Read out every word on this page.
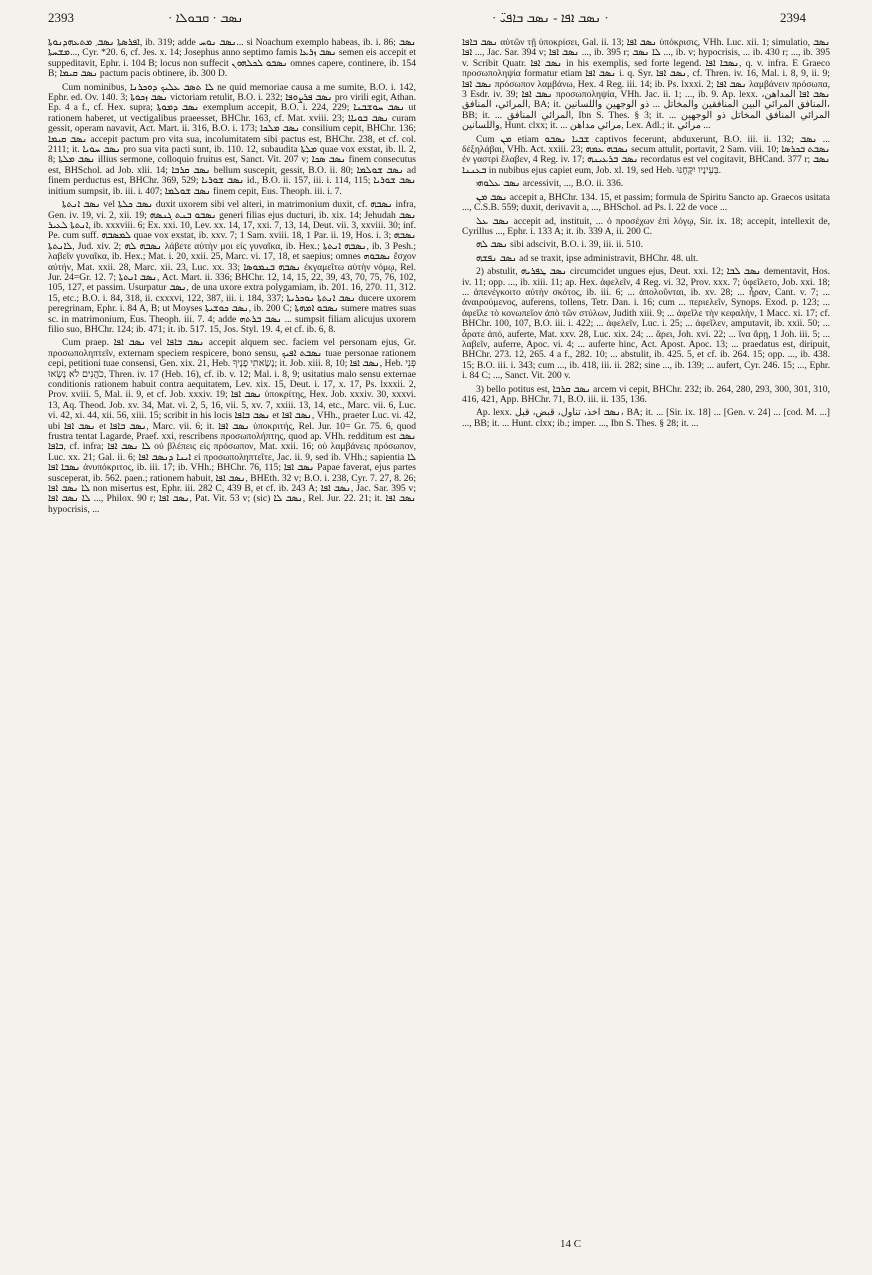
2393	ܢܣܒ · ܩܒܘܠܐ ·	· ܢܣܒ ܐܦܐ - ܢܣܒ ܒܐܦܝ̈ ·	2394

ܐܦܪܣܬܐ ܢܣܒ܂ ܡܬܥܗܕܢܘܬܐ, ib. 319; adde ܢܣܒ ܢܘܚ... si Noachum exemplo habeas, ib. i. 86; ܢܣܒ ܡܫܚܬܐ..., Cyr. *20. 6, cf. Jes. x. 14; Josephus anno septimo famis ܢܣܒ ܙܪܥܐ semen eis accepit et suppeditavit, Ephr. i. 104 B; locus non suffecit ܢܣܒܘ ܠܟܠܗܘܢ omnes capere, continere, ib. 154 B; ܢܣܒ ܩܝܡܐ pactum pacis obtinere, ib. 300 D.

Cum nominibus, ܠܐ ܬܣܒ ܥܠܝܟ ܕܘܟܪܢܐ ne quid memoriae causa a me sumite, B.O. i. 142, Ephr. ed. Ov. 140. 3; ܢܣܒ ܙܟܘܬܐ victoriam retulit, B.O. i. 232; ܢܣܒ ܦܪܨܘܦܐ pro virili egit, Athan. Ep. 4 a f., cf. Hex. supra; ܢܣܒ ܕܡܘܬܐ exemplum accepit, B.O. i. 224, 229; ܢܣܒ ܚܘܫܒܢܐ ut rationem haberet, ut vectigalibus praeesset, BHChr. 163, cf. Mat. xviii. 23; ܢܣܒ ܒܘܝܐܐ curam gessit, operam navavit, Act. Mart. ii. 316, B.O. i. 173; ܢܣܒ ܡܠܟܐ consilium cepit, BHChr. 136; ܢܣܒ ܩܝܡܐ accepit pactum pro vita sua, incolumitatem sibi pactus est, BHChr. 238, et cf. col. 2111; it. ܢܣܒ ܚܘܝܐ pro sua vita pacti sunt, ib. 110. 12, subaudita ܡܠܬܐ quae vox exstat, ib. ll. 2, 8; ܢܣܒ ܡܠܬܐ illius sermone, colloquio fruitus est, Sanct. Vit. 207 v; ܢܣܒ ܣܟܐ finem consecutus est, BHSchol. ad Job. xlii. 14; ܢܣܒ ܩܪܒܐ bellum suscepit, gessit, B.O. ii. 80; ܢܣܒ ܫܘܠܡܐ ad finem perductus est, BHChr. 369, 529; ܢܣܒ ܫܘܪܝܐ id., B.O. ii. 157, iii. i. 114, 115; ܢܣܒ ܫܘܪܝܐ initium sumpsit, ib. iii. i. 407; ܢܣܒ ܫܘܠܡܐ finem cepit, Eus. Theoph. iii. i. 7.

ܢܣܒ ܐܢܬܬܐ vel ܢܣܒ ܟܠܬܐ duxit uxorem sibi vel alteri, in matrimonium duxit, cf. ܢܣܒܗ infra, Gen. iv. 19, vi. 2, xii. 19; ܢܣܒܘ ܒܢܬ ܓܢܣܗ generi filias ejus ducturi, ib. xix. 14; Jehudah ܢܣܒ ܐܢܬܬܐ ܠܥܝܪ, ib. xxxviii. 6; Ex. xxi. 10, Lev. xx. 14, 17, xxi. 7, 13, 14, Deut. vii. 3, xxviii. 30; inf. Pe. cum suff. ܠܡܣܒܗ quae vox exstat, ib. xxv. 7; 1 Sam. xviii. 18, 1 Par. ii. 19, Hos. i. 3; ܢܣܒܗ ܠܐܢܬܬܐ, Jud. xiv. 2; ܢܣܒܗ ܠܗ λάβετε αὐτὴν μοι εἰς γυναῖκα, ib. Hex.; ܢܣܒܗ ܐܢܬܬܐ, ib. 3 Pesh.; λαβεῖν γυναῖκα, ib. Hex.; Mat. i. 20, xxii. 25, Marc. vi. 17, 18, et saepius; omnes ܢܣܒܘܗ ἔσχον αὐτήν, Mat. xxii. 28, Marc. xii. 23, Luc. xx. 33; ܢܣܒܗ ܒܢܡܘܣܐ ἐκγαμεῖτω αὐτὴν νόμῳ, Rel. Jur. 24=Gr. 12. 7; ܢܣܒ ܐܢܬܬܐ, Act. Mart. ii. 336; BHChr. 12, 14, 15, 22, 39, 43, 70, 75, 76, 102, 105, 127, et passim. Usurpatur ܢܣܒ, de una uxore extra polygamiam, ib. 201. 16, 270. 11, 312. 15, etc.; B.O. i. 84, 318, ii. cxxxvi, 122, 387, iii. i. 184, 337; ܢܣܒ ܐܢܬܬܐ ܢܘܟܪܝܬܐ ducere uxorem peregrinam, Ephr. i. 84 A, B; ut Moyses ܢܣܒ ܟܘܫܝܬܐ, ib. 200 C; ܢܣܒܘ ܐܡܗܬܐ sumere matres suas sc. in matrimonium, Eus. Theoph. iii. 7. 4; adde ܢܣܒ ܒܪܬܗ ... sumpsit filiam alicujus uxorem filio suo, BHChr. 124; ib. 471; it. ib. 517. 15, Jos. Styl. 19. 4, et cf. ib. 6, 8.

Cum praep. ܢܣܒ ܐܦܐ vel ܢܣܒ ܒܐܦܐ accepit alquem sec. faciem vel personam ejus, Gr. προσωποληπτεῖν, externam speciem respicere, bono sensu, ܢܣܒܬ ܐܦܝܟ tuae personae rationem cepi, petitioni tuae consensi, Gen. xix. 21, Heb. נָשָׂאתִי פָנֶיךָ; it. Job. xiii. 8, 10; ܢܣܒ ܐܦܐ, Heb. פְּנֵי כֹהֲנִים לֹא נָשָׂאוּ, Thren. iv. 17 (Heb. 16), cf. ib. v. 12; Mal. i. 8, 9; usitatius malo sensu externae conditionis rationem habuit contra aequitatem, Lev. xix. 15, Deut. i. 17, x. 17, Ps. lxxxii. 2, Prov. xviii. 5, Mal. ii. 9, et cf. Job. xxxiv. 19; ܢܣܒ ܐܦܐ ὑποκρίτης, Hex. Job. xxxiv. 30, xxxvi. 13, Aq. Theod. Job. xv. 34, Mat. vi. 2, 5, 16, vii. 5, xv. 7, xxiii. 13, 14, etc., Marc. vii. 6, Luc. vi. 42, xi. 44, xii. 56, xiii. 15; scribit in his locis ܢܣܒ ܒܐܦܐ et ܢܣܒ ܐܦܐ, VHh., praeter Luc. vi. 42, ubi ܢܣܒ ܐܦܐ et ܢܣܒ ܒܐܦܐ, Marc. vii. 6; it. ܢܣܒ ܐܦܐ ὑποκριτής, Rel. Jur. 10= Gr. 75. 6, quod frustra tentat Lagarde, Praef. xxi, rescribens προσωπολήπτης, quod ap. VHh. redditum est ܢܣܒ ܒܐܦܐ, cf. infra; ܠܐ ܢܣܒ ܐܦܐ οὐ βλέπεις εἰς πρόσωπον, Mat. xxii. 16; οὐ λαμβάνεις πρόσωπον, Luc. xx. 21; Gal. ii. 6; ܐܝܢܐ ܕܢܣܒ ܐܦܐ εἰ προσωποληπτεῖτε, Jac. ii. 9, sed ib. VHh.; sapientia ܠܐ ܢܣܒܐ ܐܦܐ ἀνυπόκριτος, ib. iii. 17; ib. VHh.; BHChr. 76, 115; ܢܣܒ ܐܦܐ Papae faverat, ejus partes susceperat, ib. 562. paen.; rationem habuit, ܢܣܒ ܐܦܐ, BHEth. 32 v; B.O. i. 238, Cyr. 7. 27, 8. 26; ܠܐ ܢܣܒ ܐܦܐ non misertus est, Ephr. iii. 282 C, 439 B, et cf. ib. 243 A; ܢܣܒ ܐܦܐ, Jac. Sar. 395 v; ܠܐ ܢܣܒ ܐܦܐ ..., Philox. 90 r; ܢܣܒ ܐܦܐ, Pat. Vit. 53 v; (sic) ܢܣܒ ܠܐ, Rel. Jur. 22. 21; it. ܢܣܒ ܐܦܐ hypocrisis, ...

ܢܣܒ ܒܐܦܐ αὐτῶν τῇ ὑποκρίσει, Gal. ii. 13; ܢܣܒ ܐܦܐ ὑπόκρισις, VHh. Luc. xii. 1; simulatio, ܢܣܒ ܐܦܐ ..., Jac. Sar. 394 v; ܢܣܒ ܐܦܐ ..., ib. 395 r; ܠܐ ܢܣܒ ..., ib. v; hypocrisis, ... ib. 430 r; ..., ib. 395 v. Scribit Quatr. ܢܣܒ ܐܦܐ in his exemplis, sed forte legend. ܢܣܒܐ ܐܦܐ, q. v. infra. E Graeco προσωποληψία formatur etiam ܢܣܒ ܐܦܐ i. q. Syr. ܢܣܒ ܐܦܐ, cf. Thren. iv. 16, Mal. i. 8, 9, ii. 9; ܢܣܒ ܐܦܐ πρόσωπον λαμβάνω, Hex. 4 Reg. iii. 14; ib. Ps. lxxxi. 2; ܢܣܒ ܐܦܐ λαμβάνειν πρόσωπα, 3 Esdr. iv. 39; ܢܣܒ ܐܦܐ προσωποληψία, VHh. Jac. ii. 1; ..., ib. 9. Ap. lexx. ܢܣܒ ܐܦܐ المداهن، المرائي، المنافق, BA; it. المنافق المرائي البين المنافقين والمخاتل ... ذو الوجهين واللسانين، BB; it. ... المرائي المنافق, Ibn S. Thes. § 3; it. ... المرائي المنافق المخاتل ذو الوجهين واللسانين, Hunt. clxx; it. ... مرائي مداهن, Lex. Adl.; it. مرائي ...

Cum ܡܢ etiam ܫܒܝܐ ܢܣܒܘ captivos fecerunt, abduxerunt, B.O. iii. ii. 132; ܢܣܒ ... δέξηλάβαι, VHh. Act. xxiii. 23; ܢܣܒܗ ܥܡܗ secum attulit, portavit, 2 Sam. viii. 10; ܢܣܒܬ ܒܟܪܣܐ ἐν γαστρὶ ἔλαβεν, 4 Reg. iv. 17; ܢܣܒ ܒܪܥܝܢܗ recordatus est vel cogitavit, BHCand. 377 r; ܢܣܒ ܒܥܢܢܐ in nubibus ejus capiet eum, Job. xl. 19, sed Heb. בְּעֵינָיו יִקָּחֶנּוּ.

ܢܣܒ ܥܠܘܗܝ arcessivit, ..., B.O. ii. 336.

ܢܣܒ ܡܢ accepit a, BHChr. 134. 15, et passim; formula de Spiritu Sancto ap. Graecos usitata ..., C.S.B. 559; duxit, derivavit a, ..., BHSchol. ad Ps. l. 22 de voce ...

ܢܣܒ ܥܠ accepit ad, instituit, ... ὁ προσέχων ἐπὶ λόγῳ, Sir. ix. 18; accepit, intellexit de, Cyrillus ..., Ephr. i. 133 A; it. ib. 339 A, ii. 200 C.

ܢܣܒ ܠܗ sibi adscivit, B.O. i. 39, iii. ii. 510.

ܢܣܒ ܢܦܫܗ ad se traxit, ipse administravit, BHChr. 48. ult.

2) abstulit, ܢܣܒ ܛܦܪܝܗ circumcidet ungues ejus, Deut. xxi. 12; ܢܣܒ ܠܒܐ dementavit, Hos. iv. 11; opp. ..., ib. xiii. 11; ap. Hex. ἀφελεῖν, 4 Reg. vi. 32, Prov. xxx. 7; ὑφεῖλετο, Job. xxi. 18; ... ἀπενέγκοιτο αὐτὴν σκότος, ib. iii. 6; ... ἀπολοῦνται, ib. xv. 28; ... ἦραν, Cant. v. 7; ... ἀναιρούμενος, auferens, tollens, Tetr. Dan. i. 16; cum ... περιελεῖν, Synops. Exod. p. 123; ... ἀφεῖλε τὸ κονωπεῖον ἀπὸ τῶν στύλων, Judith xiii. 9; ... ἀφεῖλε τὴν κεφαλὴν, 1 Macc. xi. 17; cf. BHChr. 100, 107, B.O. iii. i. 422; ... ἀφελεῖν, Luc. i. 25; ... ἀφεῖλεν, amputavit, ib. xxii. 50; ... ἆρατε ἀπό, auferte, Mat. xxv. 28, Luc. xix. 24; ... ἄρει, Joh. xvi. 22; ... ἵνα ἄρῃ, 1 Joh. iii. 5; ... λαβεῖν, auferre, Apoc. vi. 4; ... auferte hinc, Act. Apost. Apoc. 13; ... praedatus est, diripuit, BHChr. 273. 12, 265. 4 a f., 282. 10; ... abstulit, ib. 425. 5, et cf. ib. 264. 15; opp. ..., ib. 438. 15; B.O. iii. i. 343; cum ..., ib. 418, iii. ii. 282; sine ..., ib. 139; ... aufert, Cyr. 246. 15; ..., Ephr. i. 84 C; ..., Sanct. Vit. 200 v.

3) bello potitus est, ܢܣܒ ܩܪܒܐ arcem vi cepit, BHChr. 232; ib. 264, 280, 293, 300, 301, 310, 416, 421, App. BHChr. 71, B.O. iii. ii. 135, 136.

Ap. lexx. ܢܣܒ اخذ، تناول، قبض، قبل، BA; it. ... [Sir. ix. 18] ... [Gen. v. 24] ... [cod. M. ...] ..., BB; it. ... Hunt. clxx; ib.; imper. ..., Ibn S. Thes. § 28; it. ...

14 C
